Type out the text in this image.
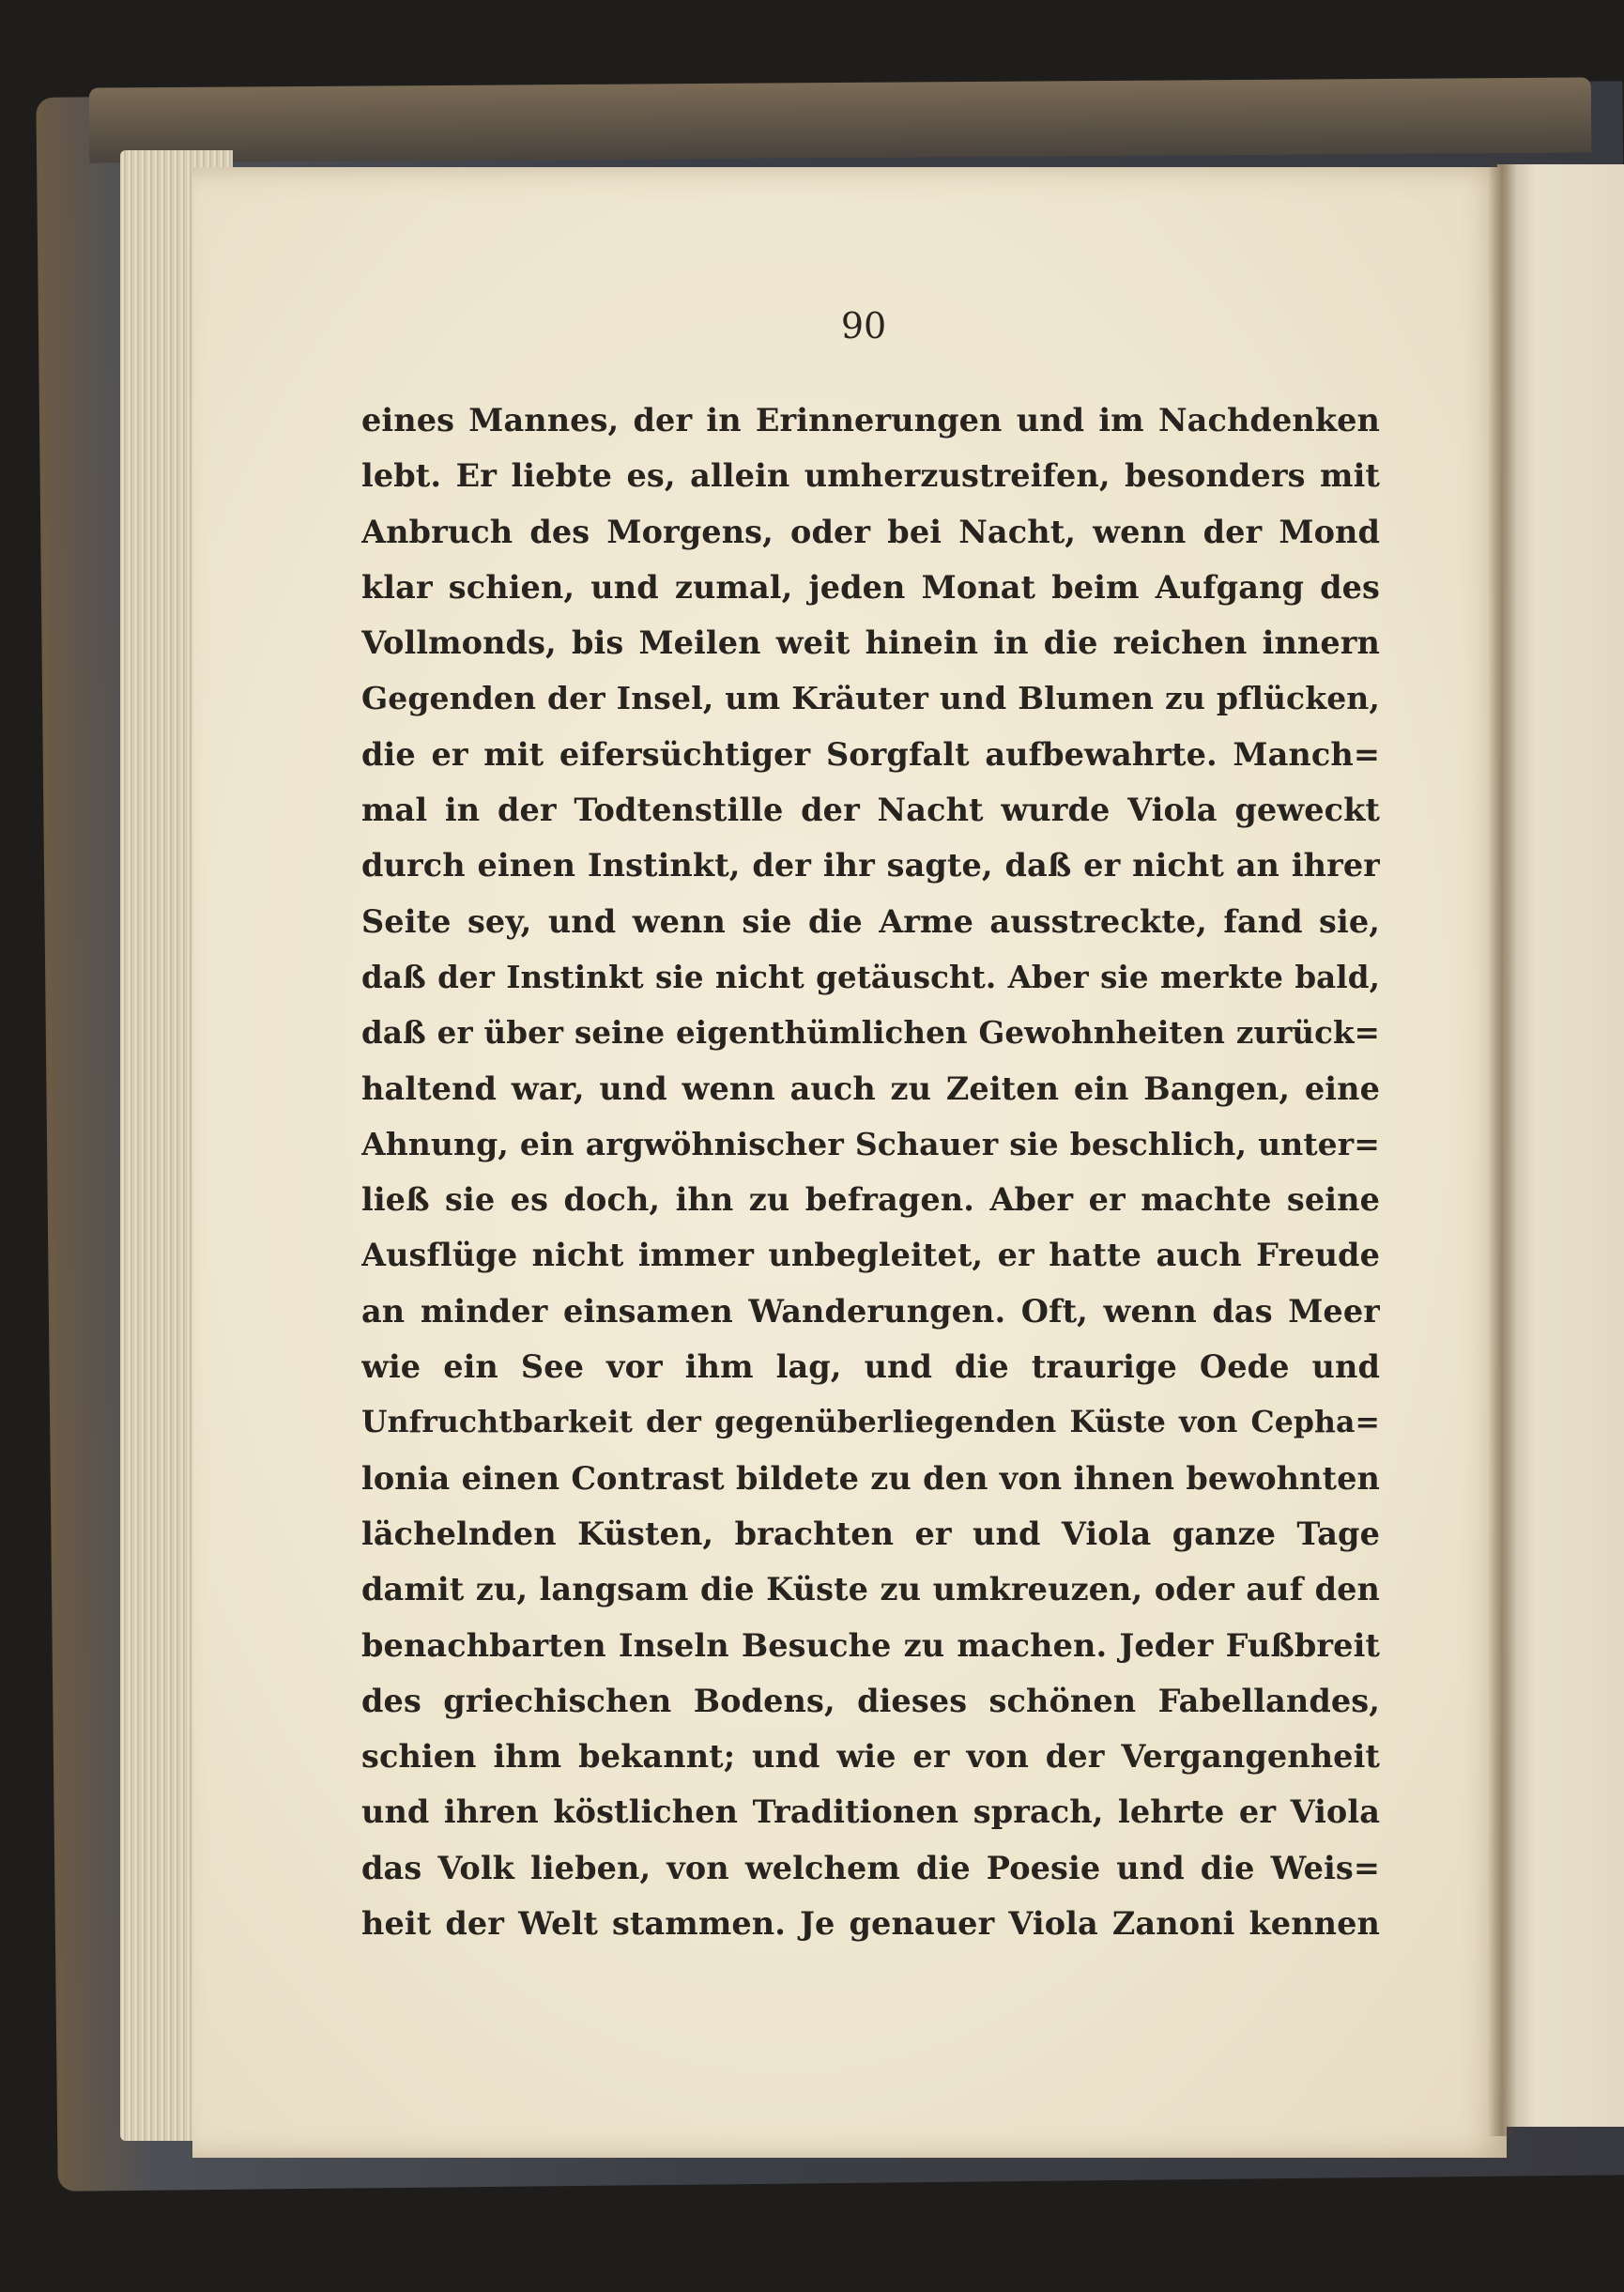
90

eines Mannes, der in Erinnerungen und im Nachdenken
lebt. Er liebte es, allein umherzustreifen, besonders mit
Anbruch des Morgens, oder bei Nacht, wenn der Mond
klar schien, und zumal, jeden Monat beim Aufgang des
Vollmonds, bis Meilen weit hinein in die reichen innern
Gegenden der Insel, um Kräuter und Blumen zu pflücken,
die er mit eifersüchtiger Sorgfalt aufbewahrte. Manch=
mal in der Todtenstille der Nacht wurde Viola geweckt
durch einen Instinkt, der ihr sagte, daß er nicht an ihrer
Seite sey, und wenn sie die Arme ausstreckte, fand sie,
daß der Instinkt sie nicht getäuscht. Aber sie merkte bald,
daß er über seine eigenthümlichen Gewohnheiten zurück=
haltend war, und wenn auch zu Zeiten ein Bangen, eine
Ahnung, ein argwöhnischer Schauer sie beschlich, unter=
ließ sie es doch, ihn zu befragen. Aber er machte seine
Ausflüge nicht immer unbegleitet, er hatte auch Freude
an minder einsamen Wanderungen. Oft, wenn das Meer
wie ein See vor ihm lag, und die traurige Oede und
Unfruchtbarkeit der gegenüberliegenden Küste von Cepha=
lonia einen Contrast bildete zu den von ihnen bewohnten
lächelnden Küsten, brachten er und Viola ganze Tage
damit zu, langsam die Küste zu umkreuzen, oder auf den
benachbarten Inseln Besuche zu machen. Jeder Fußbreit
des griechischen Bodens, dieses schönen Fabellandes,
schien ihm bekannt; und wie er von der Vergangenheit
und ihren köstlichen Traditionen sprach, lehrte er Viola
das Volk lieben, von welchem die Poesie und die Weis=
heit der Welt stammen. Je genauer Viola Zanoni kennen
